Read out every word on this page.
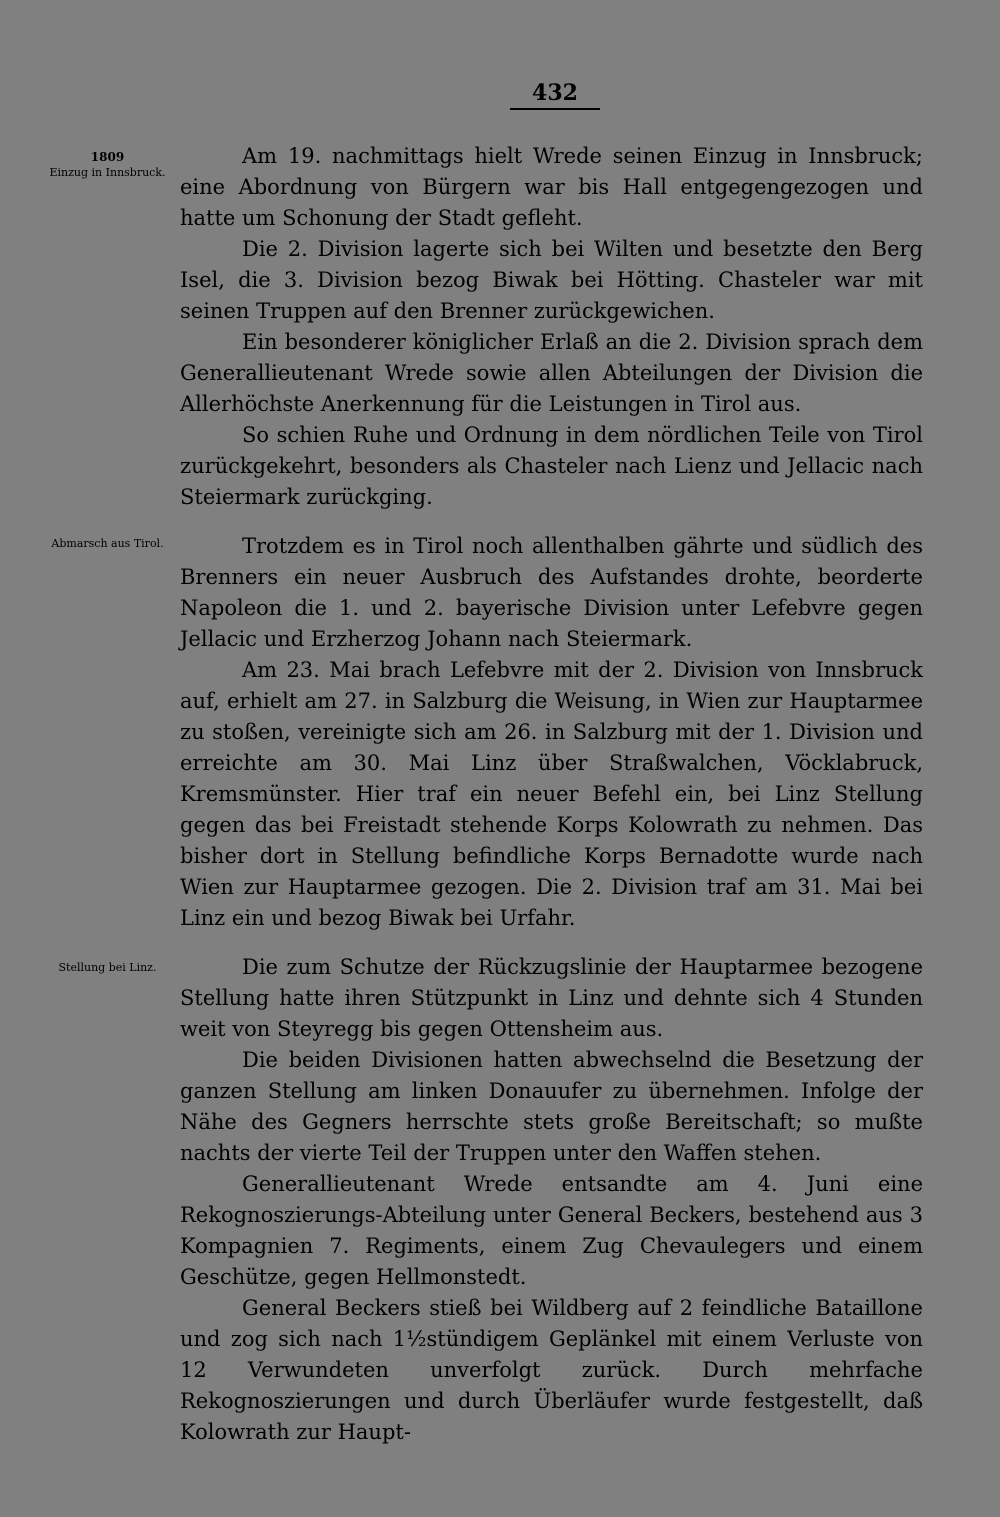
432
1809
Einzug in Innsbruck.
Abmarsch aus Tirol.
Stellung bei Linz.

Am 19. nachmittags hielt Wrede seinen Einzug in Innsbruck; eine Abordnung von Bürgern war bis Hall entgegengezogen und hatte um Schonung der Stadt gefleht.

Die 2. Division lagerte sich bei Wilten und besetzte den Berg Isel, die 3. Division bezog Biwak bei Hötting. Chasteler war mit seinen Truppen auf den Brenner zurückgewichen.

Ein besonderer königlicher Erlaß an die 2. Division sprach dem Generallieutenant Wrede sowie allen Abteilungen der Division die Allerhöchste Anerkennung für die Leistungen in Tirol aus.

So schien Ruhe und Ordnung in dem nördlichen Teile von Tirol zurückgekehrt, besonders als Chasteler nach Lienz und Jellacic nach Steiermark zurückging.

Trotzdem es in Tirol noch allenthalben gährte und südlich des Brenners ein neuer Ausbruch des Aufstandes drohte, beorderte Napoleon die 1. und 2. bayerische Division unter Lefebvre gegen Jellacic und Erzherzog Johann nach Steiermark.

Am 23. Mai brach Lefebvre mit der 2. Division von Innsbruck auf, erhielt am 27. in Salzburg die Weisung, in Wien zur Hauptarmee zu stoßen, vereinigte sich am 26. in Salzburg mit der 1. Division und erreichte am 30. Mai Linz über Straßwalchen, Vöcklabruck, Kremsmünster. Hier traf ein neuer Befehl ein, bei Linz Stellung gegen das bei Freistadt stehende Korps Kolowrath zu nehmen. Das bisher dort in Stellung befindliche Korps Bernadotte wurde nach Wien zur Hauptarmee gezogen. Die 2. Division traf am 31. Mai bei Linz ein und bezog Biwak bei Urfahr.

Die zum Schutze der Rückzugslinie der Hauptarmee bezogene Stellung hatte ihren Stützpunkt in Linz und dehnte sich 4 Stunden weit von Steyregg bis gegen Ottensheim aus.

Die beiden Divisionen hatten abwechselnd die Besetzung der ganzen Stellung am linken Donauufer zu übernehmen. Infolge der Nähe des Gegners herrschte stets große Bereitschaft; so mußte nachts der vierte Teil der Truppen unter den Waffen stehen.

Generallieutenant Wrede entsandte am 4. Juni eine Rekognoszierungs-Abteilung unter General Beckers, bestehend aus 3 Kompagnien 7. Regiments, einem Zug Chevaulegers und einem Geschütze, gegen Hellmonstedt.

General Beckers stieß bei Wildberg auf 2 feindliche Bataillone und zog sich nach 1½stündigem Geplänkel mit einem Verluste von 12 Verwundeten unverfolgt zurück. Durch mehrfache Rekognoszierungen und durch Überläufer wurde festgestellt, daß Kolowrath zur Haupt-
